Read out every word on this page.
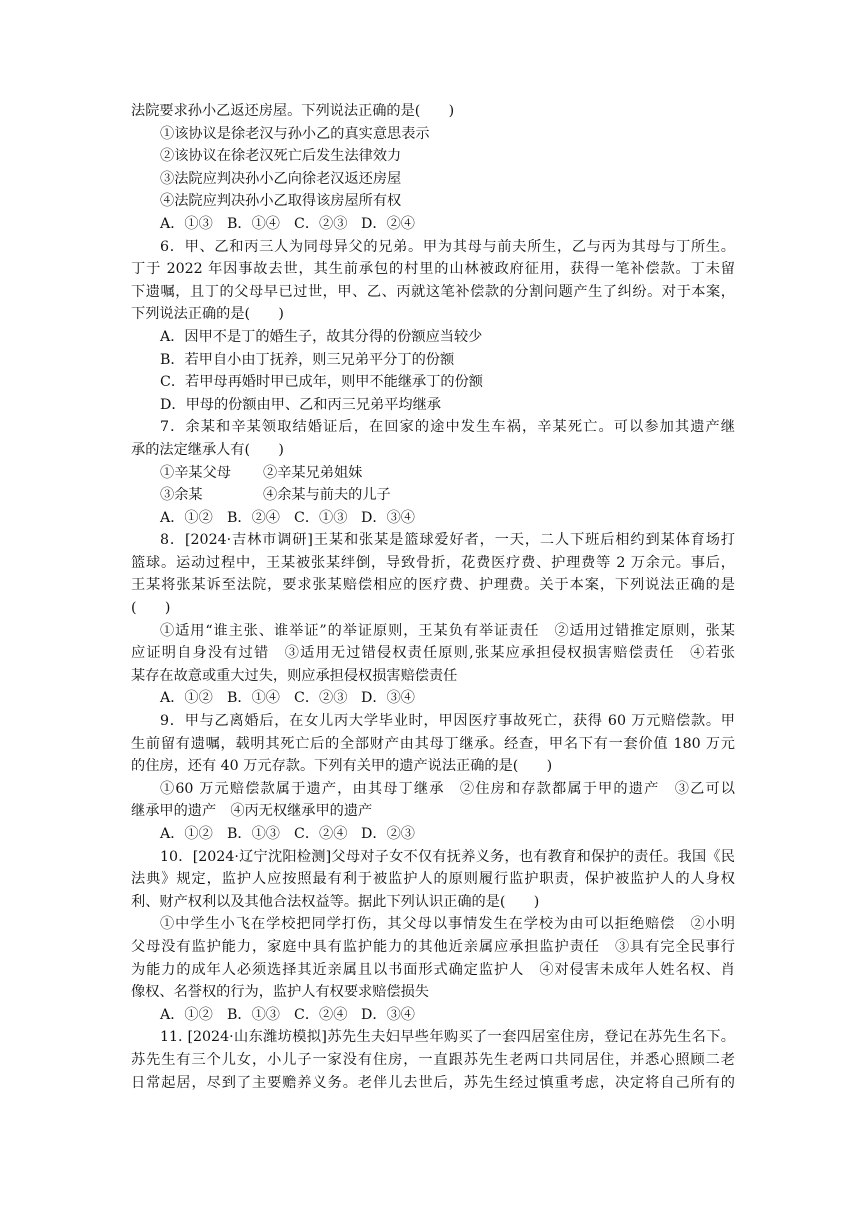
法院要求孙小乙返还房屋。下列说法正确的是(　　)
①该协议是徐老汉与孙小乙的真实意思表示
②该协议在徐老汉死亡后发生法律效力
③法院应判决孙小乙向徐老汉返还房屋
④法院应判决孙小乙取得该房屋所有权
A．①③ B．①④ C．②③ D．②④
6．甲、乙和丙三人为同母异父的兄弟。甲为其母与前夫所生，乙与丙为其母与丁所生。
丁于 2022 年因事故去世，其生前承包的村里的山林被政府征用，获得一笔补偿款。丁未留
下遗嘱，且丁的父母早已过世，甲、乙、丙就这笔补偿款的分割问题产生了纠纷。对于本案，
下列说法正确的是(　　)
A．因甲不是丁的婚生子，故其分得的份额应当较少
B．若甲自小由丁抚养，则三兄弟平分丁的份额
C．若甲母再婚时甲已成年，则甲不能继承丁的份额
D．甲母的份额由甲、乙和丙三兄弟平均继承
7．余某和辛某领取结婚证后，在回家的途中发生车祸，辛某死亡。可以参加其遗产继
承的法定继承人有(　　)
①辛某父母 ②辛某兄弟姐妹
③余某	④余某与前夫的儿子
A．①② B．②④ C．①③ D．③④
8．[2024·吉林市调研]王某和张某是篮球爱好者，一天，二人下班后相约到某体育场打
篮球。运动过程中，王某被张某绊倒，导致骨折，花费医疗费、护理费等 2 万余元。事后，
王某将张某诉至法院，要求张某赔偿相应的医疗费、护理费。关于本案，下列说法正确的是
(　　)
①适用“谁主张、谁举证”的举证原则，王某负有举证责任　②适用过错推定原则，张某
应证明自身没有过错　③适用无过错侵权责任原则,张某应承担侵权损害赔偿责任　④若张
某存在故意或重大过失，则应承担侵权损害赔偿责任
A．①② B．①④ C．②③ D．③④
9．甲与乙离婚后，在女儿丙大学毕业时，甲因医疗事故死亡，获得 60 万元赔偿款。甲
生前留有遗嘱，载明其死亡后的全部财产由其母丁继承。经查，甲名下有一套价值 180 万元
的住房，还有 40 万元存款。下列有关甲的遗产说法正确的是(　　)
①60 万元赔偿款属于遗产，由其母丁继承　②住房和存款都属于甲的遗产　③乙可以
继承甲的遗产　④丙无权继承甲的遗产
A．①② B．①③ C．②④ D．②③
10．[2024·辽宁沈阳检测]父母对子女不仅有抚养义务，也有教育和保护的责任。我国《民
法典》规定，监护人应按照最有利于被监护人的原则履行监护职责，保护被监护人的人身权
利、财产权利以及其他合法权益等。据此下列认识正确的是(　　)
①中学生小飞在学校把同学打伤，其父母以事情发生在学校为由可以拒绝赔偿　②小明
父母没有监护能力，家庭中具有监护能力的其他近亲属应承担监护责任　③具有完全民事行
为能力的成年人必须选择其近亲属且以书面形式确定监护人　④对侵害未成年人姓名权、肖
像权、名誉权的行为，监护人有权要求赔偿损失
A．①② B．①③ C．②④ D．③④
11. [2024·山东潍坊模拟]苏先生夫妇早些年购买了一套四居室住房，登记在苏先生名下。
苏先生有三个儿女，小儿子一家没有住房，一直跟苏先生老两口共同居住，并悉心照顾二老
日常起居，尽到了主要赡养义务。老伴儿去世后，苏先生经过慎重考虑，决定将自己所有的
